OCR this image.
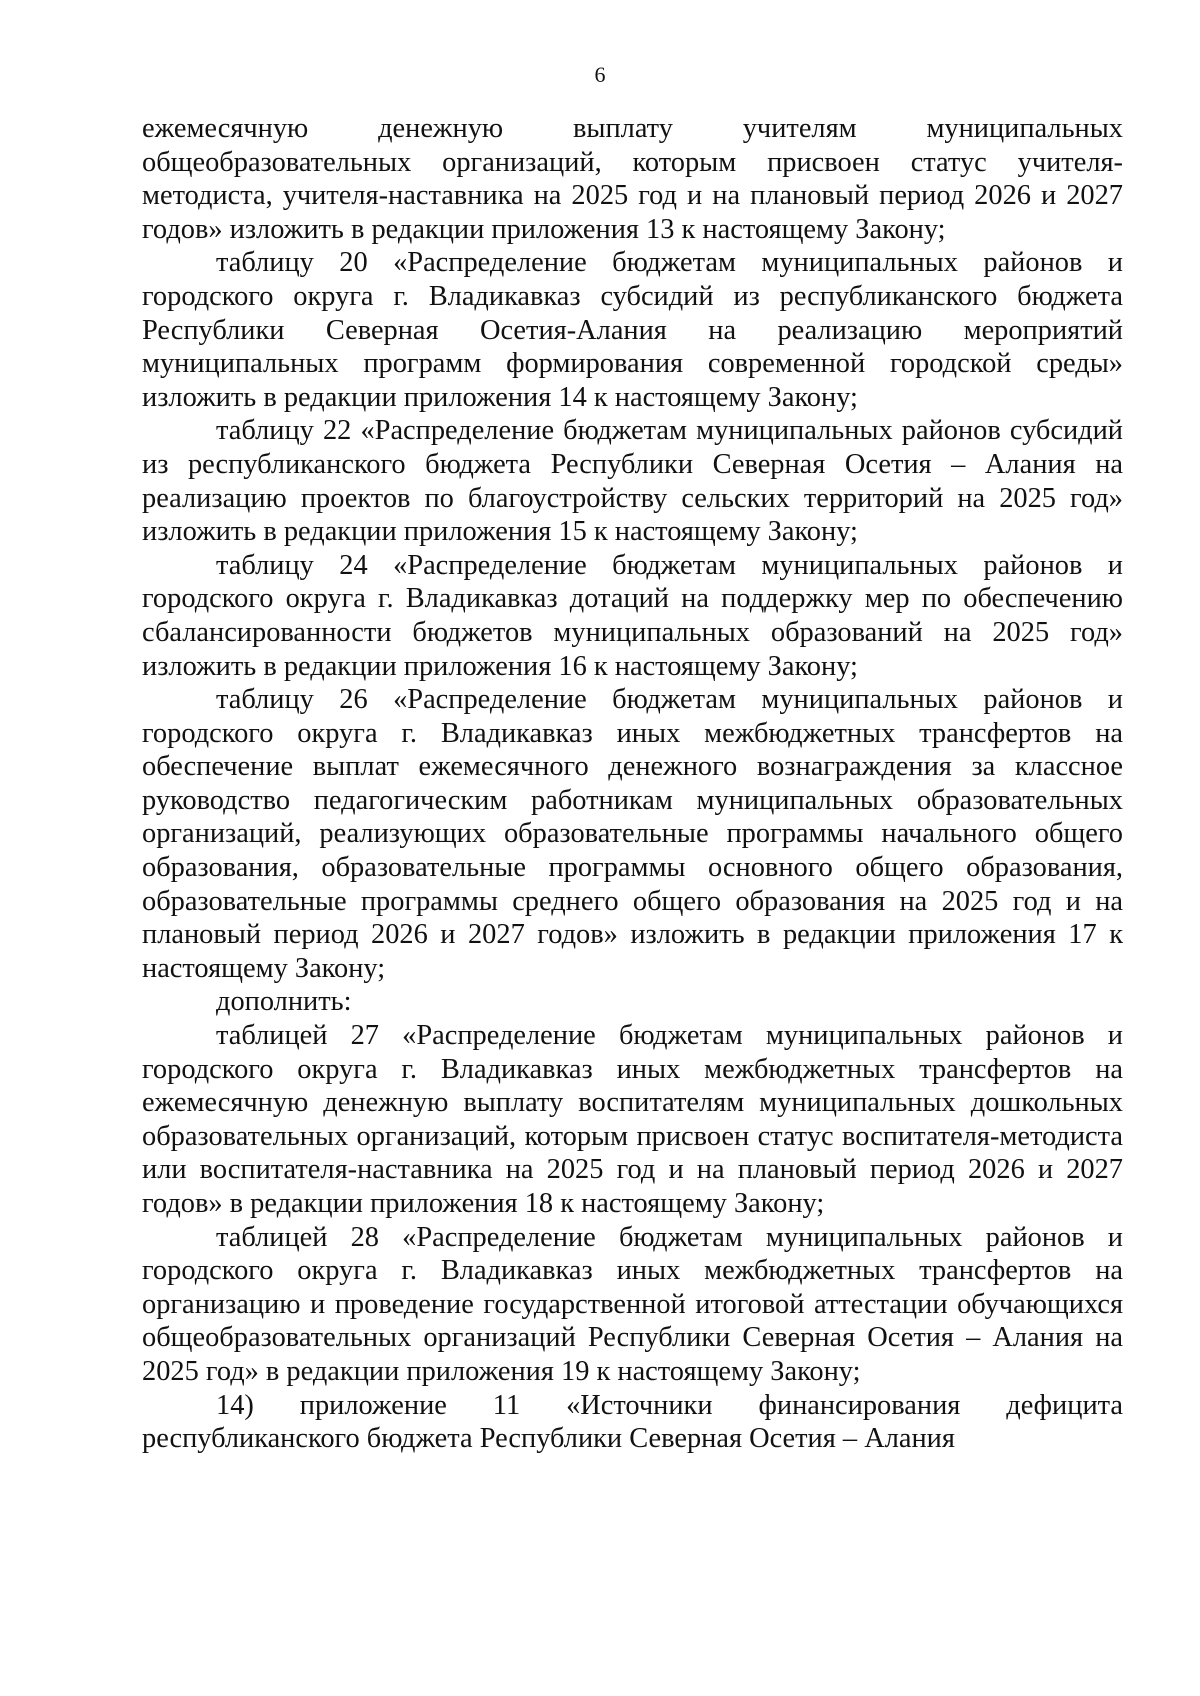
6

ежемесячную денежную выплату учителям муниципальных общеобразовательных организаций, которым присвоен статус учителя-методиста, учителя-наставника на 2025 год и на плановый период 2026 и 2027 годов» изложить в редакции приложения 13 к настоящему Закону;

таблицу 20 «Распределение бюджетам муниципальных районов и городского округа г. Владикавказ субсидий из республиканского бюджета Республики Северная Осетия-Алания на реализацию мероприятий муниципальных программ формирования современной городской среды» изложить в редакции приложения 14 к настоящему Закону;

таблицу 22 «Распределение бюджетам муниципальных районов субсидий из республиканского бюджета Республики Северная Осетия – Алания на реализацию проектов по благоустройству сельских территорий на 2025 год» изложить в редакции приложения 15 к настоящему Закону;

таблицу 24 «Распределение бюджетам муниципальных районов и городского округа г. Владикавказ дотаций на поддержку мер по обеспечению сбалансированности бюджетов муниципальных образований на 2025 год» изложить в редакции приложения 16 к настоящему Закону;

таблицу 26 «Распределение бюджетам муниципальных районов и городского округа г. Владикавказ иных межбюджетных трансфертов на обеспечение выплат ежемесячного денежного вознаграждения за классное руководство педагогическим работникам муниципальных образовательных организаций, реализующих образовательные программы начального общего образования, образовательные программы основного общего образования, образовательные программы среднего общего образования на 2025 год и на плановый период 2026 и 2027 годов» изложить в редакции приложения 17 к настоящему Закону;

дополнить:

таблицей 27 «Распределение бюджетам муниципальных районов и городского округа г. Владикавказ иных межбюджетных трансфертов на ежемесячную денежную выплату воспитателям муниципальных дошкольных образовательных организаций, которым присвоен статус воспитателя-методиста или воспитателя-наставника на 2025 год и на плановый период 2026 и 2027 годов» в редакции приложения 18 к настоящему Закону;

таблицей 28 «Распределение бюджетам муниципальных районов и городского округа г. Владикавказ иных межбюджетных трансфертов на организацию и проведение государственной итоговой аттестации обучающихся общеобразовательных организаций Республики Северная Осетия – Алания на 2025 год» в редакции приложения 19 к настоящему Закону;

14) приложение 11 «Источники финансирования дефицита республиканского бюджета Республики Северная Осетия – Алания
